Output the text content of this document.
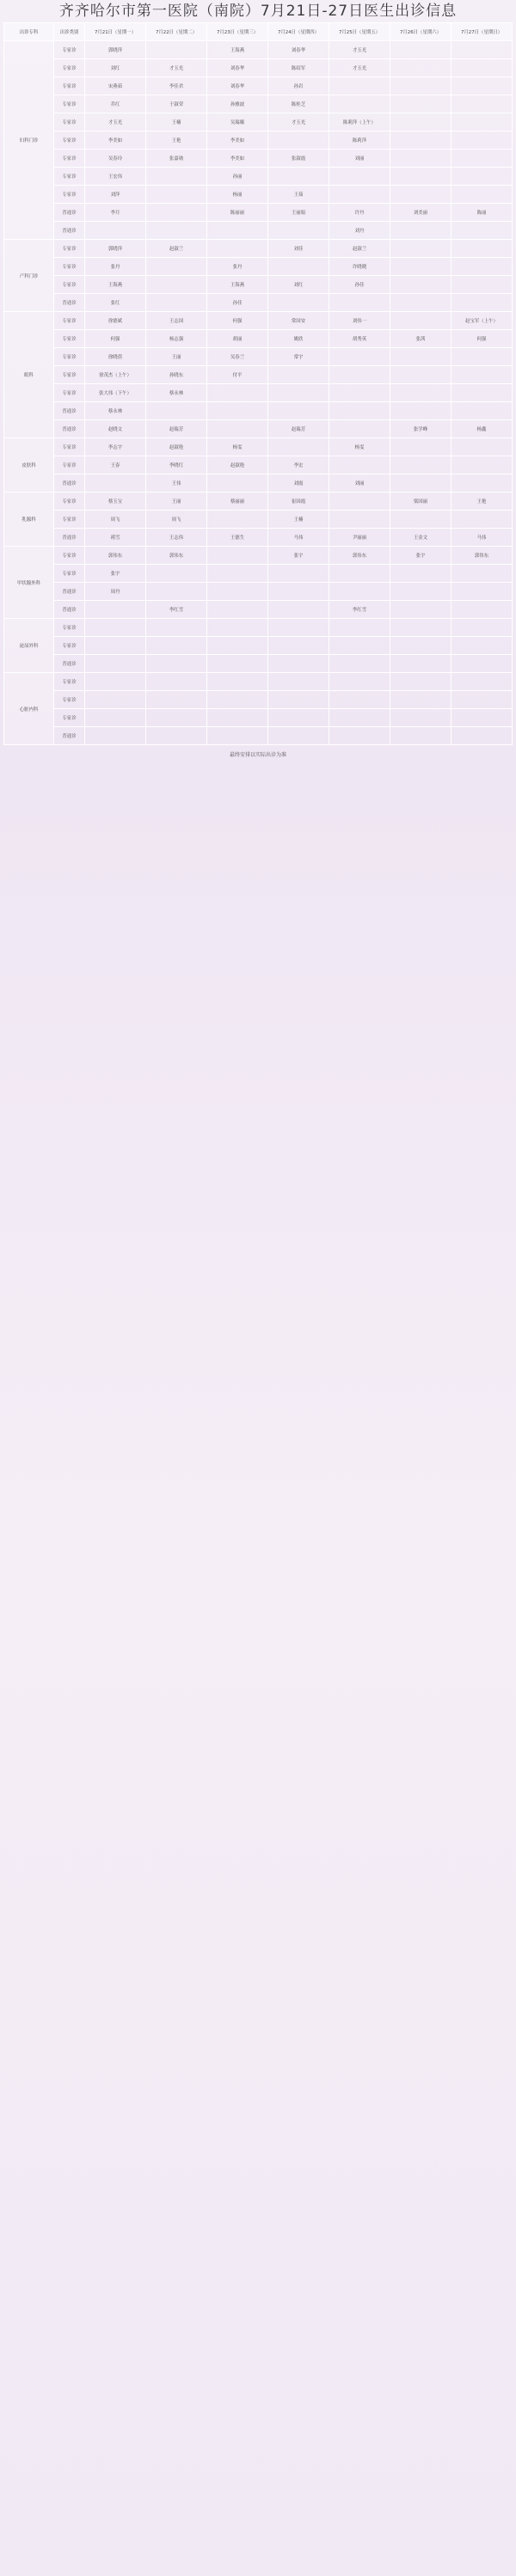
齐齐哈尔市第一医院（南院）7月21日-27日医生出诊信息
出诊专科	出诊类别	7月21日（星期一）	7月22日（星期二）	7月23日（星期三）	7月24日（星期四）	7月25日（星期五）	7月26日（星期六）	7月27日（星期日）
妇科门诊	专家诊	郭晓萍		王海燕	刘春华	才玉光		
	专家诊	刘红	才玉光	刘春华	陈绍军	才玉光		
	专家诊	宋燕茹	李佳君	刘春华	孙岩			
	专家诊	乔红	于淑荣	孙雅波	陈桂芝			
	专家诊	才玉光	王楠	吴瑞娥	才玉光	陈莉萍（上午）		
	专家诊	李美如	王艳	李美如		陈莉萍		
	专家诊	吴春玲	张嘉勋	李美如	张淑霞	刘丽		
	专家诊	王宏伟		孙丽				
	专家诊	刘萍		杨丽	王茹			
	普通诊	李月		陈丽丽	王丽娟	许丹	刘美丽	陈丽
	普通诊					刘丹		
产科门诊	专家诊	郭晓萍	赵淑兰		刘佳	赵淑兰		
	专家诊	张丹		张丹		许晓晓		
	专家诊	王海燕		王海燕	刘红	孙佳		
	普通诊	张红		孙佳				
眼科	专家诊	徐德斌	王志国	何强	常国安	刘伟一		赵宝军（上午）
	专家诊	何强	杨志强	胡丽	姚欣	胡秀英	张茜	何强
	专家诊	徐晓蓓	王丽	吴春兰	常宇			
	专家诊	徐茂杰（上午）	孙晓东	付平				
	专家诊	张大伟（下午）	蔡永林					
	普通诊	蔡永林						
	普通诊	赵晓文	赵瑞芳		赵瑞芳		张学峰	杨鑫
皮肤科	专家诊	李志宇	赵淑艳	杨雯		杨雯		
	专家诊	王春	李晓红	赵淑艳	李宏			
	普通诊		王伟		刘霞	刘丽		
乳腺科	专家诊	蔡玉宝	王丽	蔡丽丽	崔国霞		梁国丽	王艳
	专家诊	周飞	周飞		王楠			
	普通诊	褚雪	王志伟	王德生	马伟	尹丽丽	王金文	马伟
甲状腺外科	专家诊	郭伟东	郭伟东		张宇	郭伟东	张宇	郭伟东
	专家诊	张宇						
	普通诊	周丹						
	普通诊		李红雪			李红雪		
泌尿外科	专家诊							
	专家诊							
	普通诊							
心脏内科	专家诊							
	专家诊							
	专家诊							
	普通诊							
最终安排以实际出诊为准
